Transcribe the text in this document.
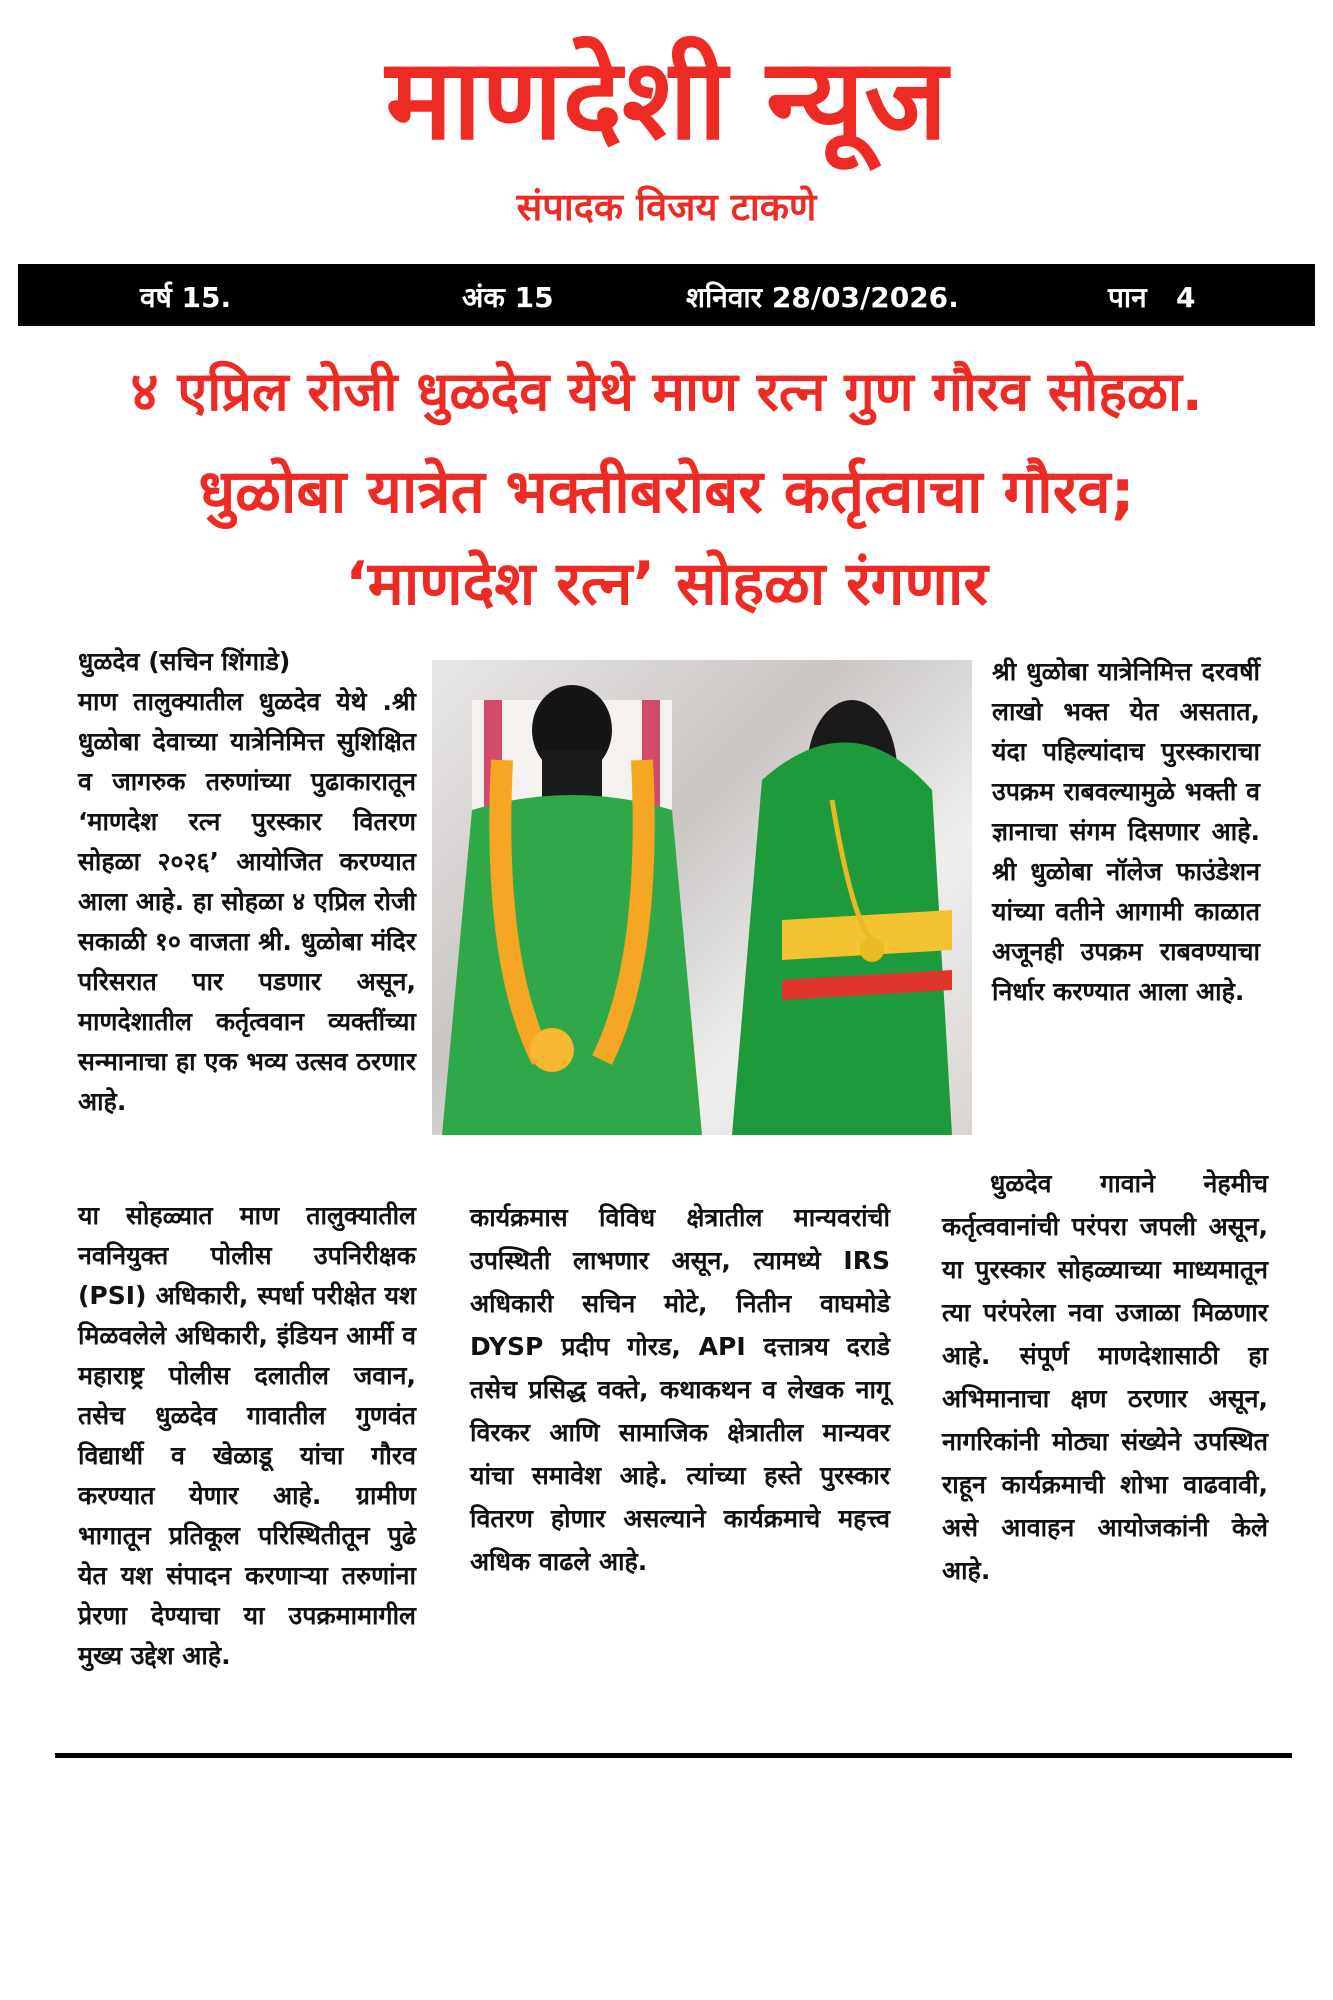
माणदेशी न्यूज
संपादक विजय टाकणे
वर्ष 15.	अंक 15	शनिवार 28/03/2026.	पान   4
४ एप्रिल रोजी धुळदेव येथे माण रत्न गुण गौरव सोहळा.
धुळोबा यात्रेत भक्तीबरोबर कर्तृत्वाचा गौरव;
‘माणदेश रत्न’ सोहळा रंगणार
धुळदेव (सचिन शिंगाडे)
माण तालुक्यातील धुळदेव येथे .श्री धुळोबा देवाच्या यात्रेनिमित्त सुशिक्षित व जागरुक तरुणांच्या पुढाकारातून ‘माणदेश रत्न पुरस्कार वितरण सोहळा २०२६’ आयोजित करण्यात आला आहे. हा सोहळा ४ एप्रिल रोजी सकाळी १० वाजता श्री. धुळोबा मंदिर परिसरात पार पडणार असून, माणदेशातील कर्तृत्ववान व्यक्तींच्या सन्मानाचा हा एक भव्य उत्सव ठरणार आहे.
श्री धुळोबा यात्रेनिमित्त दरवर्षी लाखो भक्त येत असतात, यंदा पहिल्यांदाच पुरस्काराचा उपक्रम राबवल्यामुळे भक्ती व ज्ञानाचा संगम दिसणार आहे. श्री धुळोबा नॉलेज फाउंडेशन यांच्या वतीने आगामी काळात अजूनही उपक्रम राबवण्याचा निर्धार करण्यात आला आहे.
या सोहळ्यात माण तालुक्यातील नवनियुक्त पोलीस उपनिरीक्षक (PSI) अधिकारी, स्पर्धा परीक्षेत यश मिळवलेले अधिकारी, इंडियन आर्मी व महाराष्ट्र पोलीस दलातील जवान, तसेच धुळदेव गावातील गुणवंत विद्यार्थी व खेळाडू यांचा गौरव करण्यात येणार आहे. ग्रामीण भागातून प्रतिकूल परिस्थितीतून पुढे येत यश संपादन करणाऱ्या तरुणांना प्रेरणा देण्याचा या उपक्रमामागील मुख्य उद्देश आहे.
कार्यक्रमास विविध क्षेत्रातील मान्यवरांची उपस्थिती लाभणार असून, त्यामध्ये IRS अधिकारी सचिन मोटे, नितीन वाघमोडे DYSP प्रदीप गोरड, API दत्तात्रय दराडे तसेच प्रसिद्ध वक्ते, कथाकथन व लेखक नागू विरकर आणि सामाजिक क्षेत्रातील मान्यवर यांचा समावेश आहे. त्यांच्या हस्ते पुरस्कार वितरण होणार असल्याने कार्यक्रमाचे महत्त्व अधिक वाढले आहे.

धुळदेव गावाने नेहमीच कर्तृत्ववानांची परंपरा जपली असून, या पुरस्कार सोहळ्याच्या माध्यमातून त्या परंपरेला नवा उजाळा मिळणार आहे. संपूर्ण माणदेशासाठी हा अभिमानाचा क्षण ठरणार असून, नागरिकांनी मोठ्या संख्येने उपस्थित राहून कार्यक्रमाची शोभा वाढवावी, असे आवाहन आयोजकांनी केले आहे.
